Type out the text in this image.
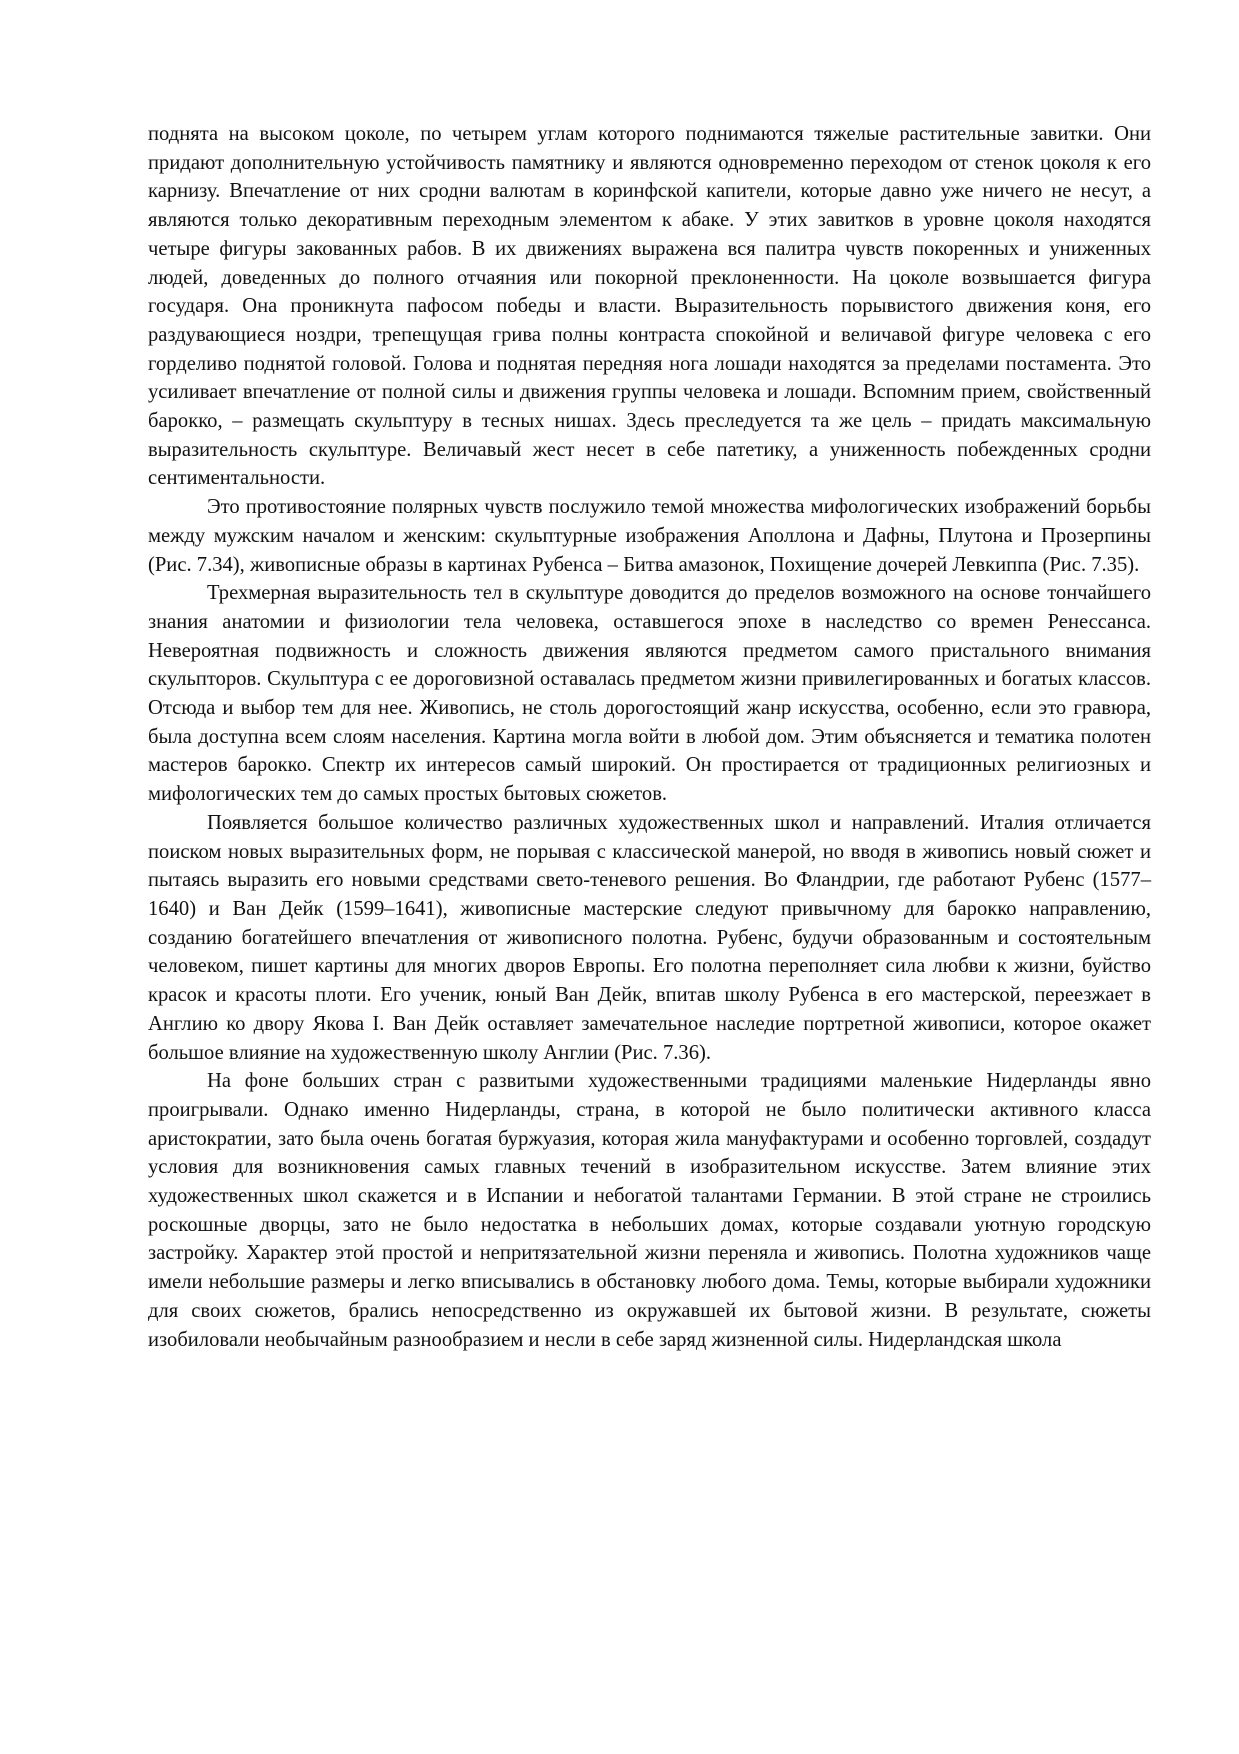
поднята на высоком цоколе, по четырем углам которого поднимаются тяжелые растительные завитки. Они придают дополнительную устойчивость памятнику и являются одновременно переходом от стенок цоколя к его карнизу. Впечатление от них сродни валютам в коринфской капители, которые давно уже ничего не несут, а являются только декоративным переходным элементом к абаке. У этих завитков в уровне цоколя находятся четыре фигуры закованных рабов. В их движениях выражена вся палитра чувств покоренных и униженных людей, доведенных до полного отчаяния или покорной преклоненности. На цоколе возвышается фигура государя. Она проникнута пафосом победы и власти. Выразительность порывистого движения коня, его раздувающиеся ноздри, трепещущая грива полны контраста спокойной и величавой фигуре человека с его горделиво поднятой головой. Голова и поднятая передняя нога лошади находятся за пределами постамента. Это усиливает впечатление от полной силы и движения группы человека и лошади. Вспомним прием, свойственный барокко, – размещать скульптуру в тесных нишах. Здесь преследуется та же цель – придать максимальную выразительность скульптуре. Величавый жест несет в себе патетику, а униженность побежденных сродни сентиментальности.

Это противостояние полярных чувств послужило темой множества мифологических изображений борьбы между мужским началом и женским: скульптурные изображения Аполлона и Дафны, Плутона и Прозерпины (Рис. 7.34), живописные образы в картинах Рубенса – Битва амазонок, Похищение дочерей Левкиппа (Рис. 7.35).

Трехмерная выразительность тел в скульптуре доводится до пределов возможного на основе тончайшего знания анатомии и физиологии тела человека, оставшегося эпохе в наследство со времен Ренессанса. Невероятная подвижность и сложность движения являются предметом самого пристального внимания скульпторов. Скульптура с ее дороговизной оставалась предметом жизни привилегированных и богатых классов. Отсюда и выбор тем для нее. Живопись, не столь дорогостоящий жанр искусства, особенно, если это гравюра, была доступна всем слоям населения. Картина могла войти в любой дом. Этим объясняется и тематика полотен мастеров барокко. Спектр их интересов самый широкий. Он простирается от традиционных религиозных и мифологических тем до самых простых бытовых сюжетов.

Появляется большое количество различных художественных школ и направлений. Италия отличается поиском новых выразительных форм, не порывая с классической манерой, но вводя в живопись новый сюжет и пытаясь выразить его новыми средствами свето-теневого решения. Во Фландрии, где работают Рубенс (1577–1640) и Ван Дейк (1599–1641), живописные мастерские следуют привычному для барокко направлению, созданию богатейшего впечатления от живописного полотна. Рубенс, будучи образованным и состоятельным человеком, пишет картины для многих дворов Европы. Его полотна переполняет сила любви к жизни, буйство красок и красоты плоти. Его ученик, юный Ван Дейк, впитав школу Рубенса в его мастерской, переезжает в Англию ко двору Якова I. Ван Дейк оставляет замечательное наследие портретной живописи, которое окажет большое влияние на художественную школу Англии (Рис. 7.36).

На фоне больших стран с развитыми художественными традициями маленькие Нидерланды явно проигрывали. Однако именно Нидерланды, страна, в которой не было политически активного класса аристократии, зато была очень богатая буржуазия, которая жила мануфактурами и особенно торговлей, создадут условия для возникновения самых главных течений в изобразительном искусстве. Затем влияние этих художественных школ скажется и в Испании и небогатой талантами Германии. В этой стране не строились роскошные дворцы, зато не было недостатка в небольших домах, которые создавали уютную городскую застройку. Характер этой простой и непритязательной жизни переняла и живопись. Полотна художников чаще имели небольшие размеры и легко вписывались в обстановку любого дома. Темы, которые выбирали художники для своих сюжетов, брались непосредственно из окружавшей их бытовой жизни. В результате, сюжеты изобиловали необычайным разнообразием и несли в себе заряд жизненной силы. Нидерландская школа
